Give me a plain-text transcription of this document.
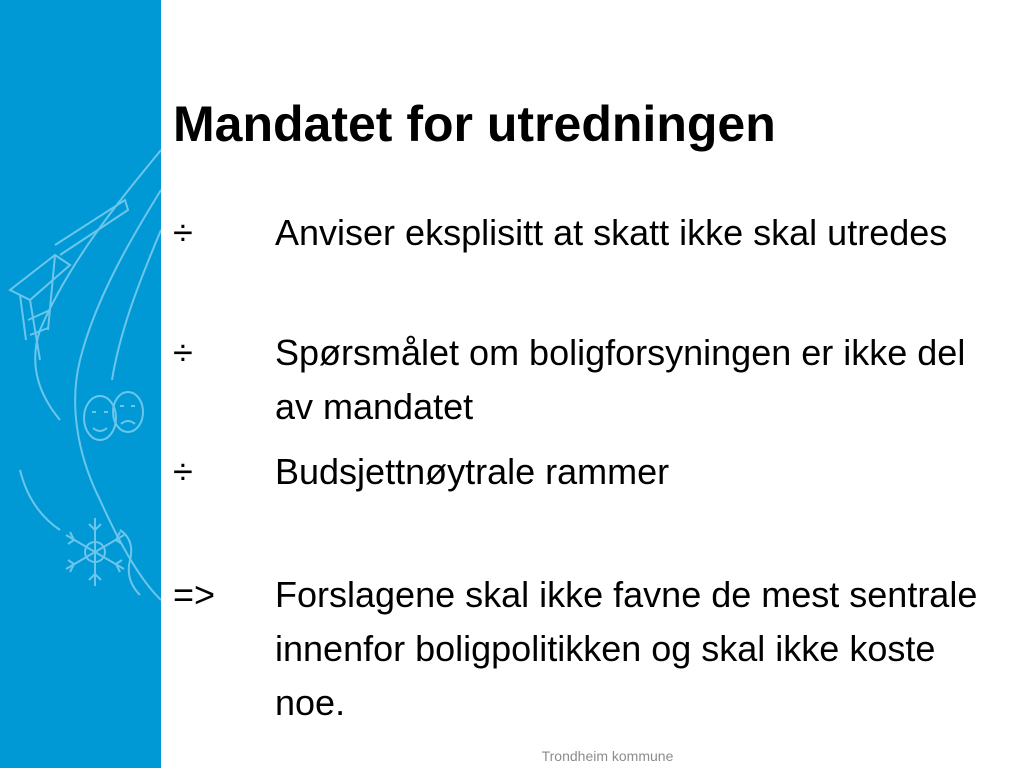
Mandatet for utredningen
÷ Anviser eksplisitt at skatt ikke skal utredes
÷ Spørsmålet om boligforsyningen er ikke del av mandatet
÷ Budsjettnøytrale rammer
=> Forslagene skal ikke favne de mest sentrale innenfor boligpolitikken og skal ikke koste noe.
Trondheim kommune
